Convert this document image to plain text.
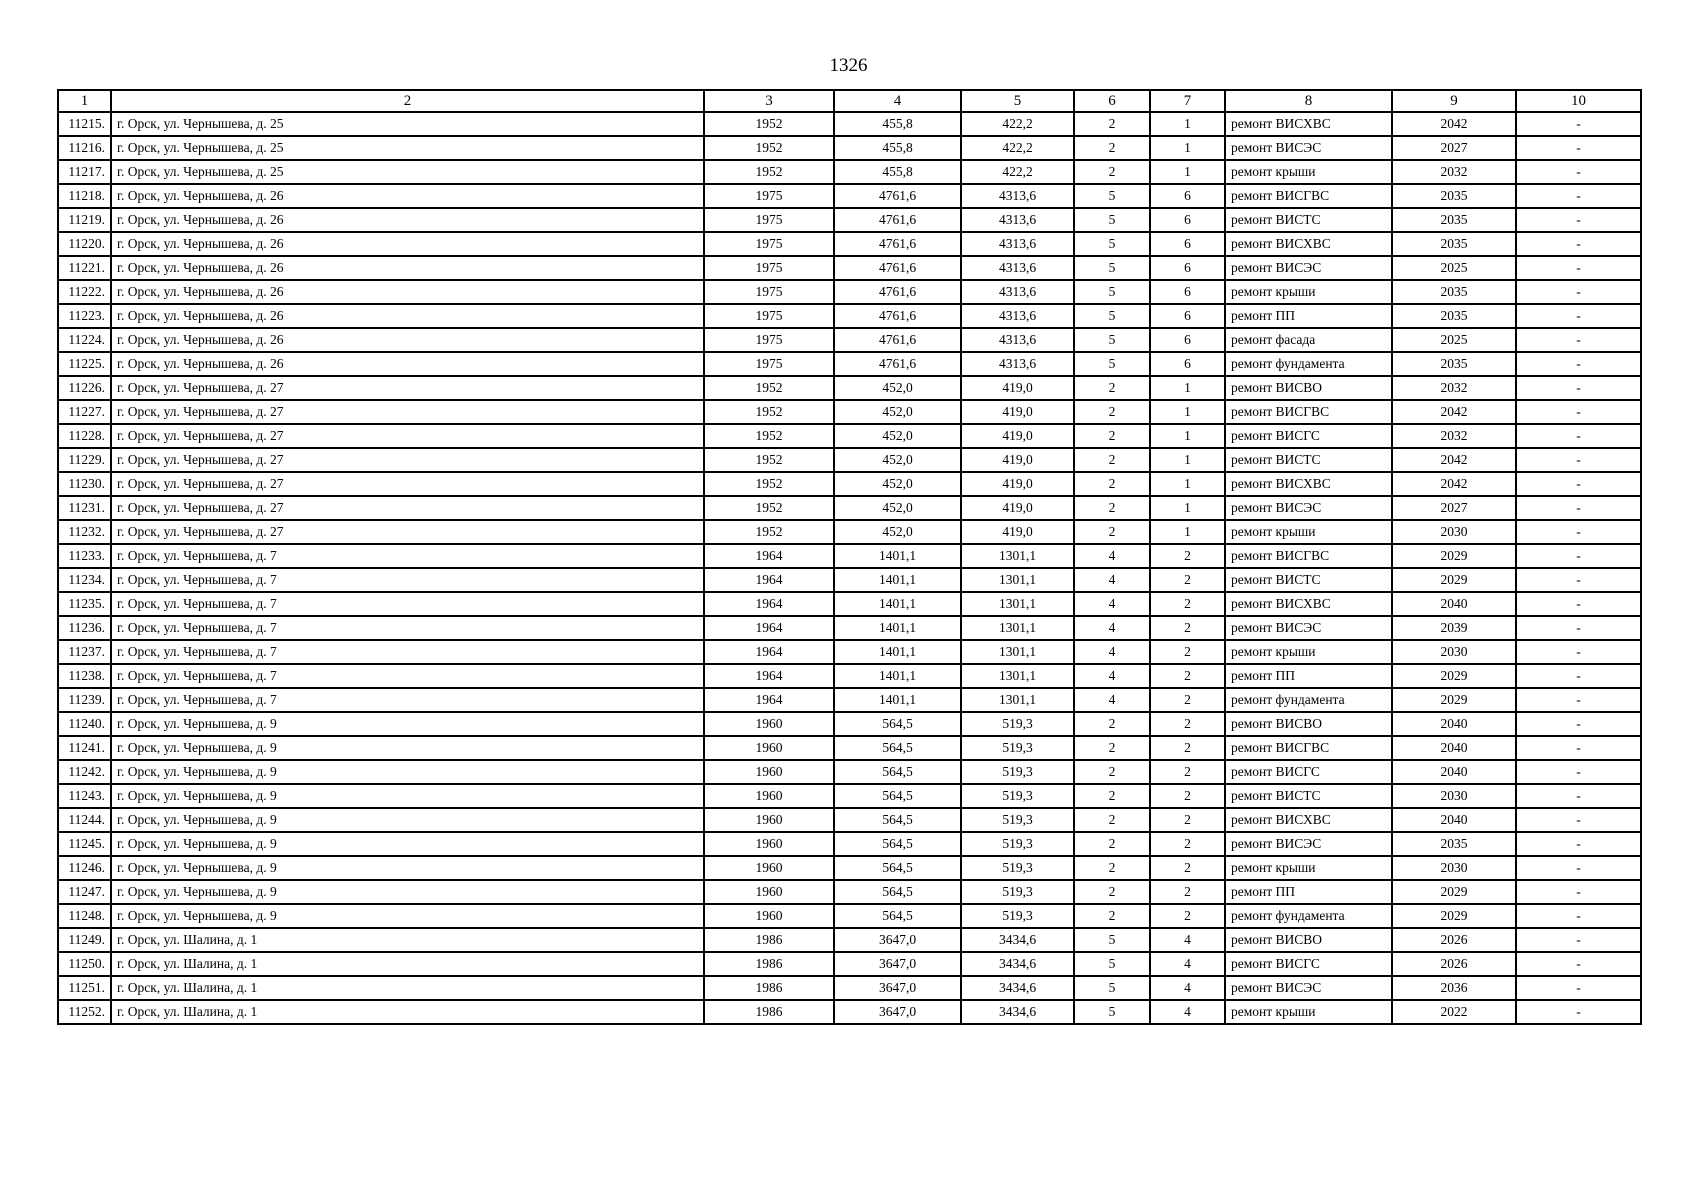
1326
1	2	3	4	5	6	7	8	9	10
11215.	г. Орск, ул. Чернышева, д. 25	1952	455,8	422,2	2	1	ремонт ВИСХВС	2042	-
11216.	г. Орск, ул. Чернышева, д. 25	1952	455,8	422,2	2	1	ремонт ВИСЭС	2027	-
11217.	г. Орск, ул. Чернышева, д. 25	1952	455,8	422,2	2	1	ремонт крыши	2032	-
11218.	г. Орск, ул. Чернышева, д. 26	1975	4761,6	4313,6	5	6	ремонт ВИСГВС	2035	-
11219.	г. Орск, ул. Чернышева, д. 26	1975	4761,6	4313,6	5	6	ремонт ВИСТС	2035	-
11220.	г. Орск, ул. Чернышева, д. 26	1975	4761,6	4313,6	5	6	ремонт ВИСХВС	2035	-
11221.	г. Орск, ул. Чернышева, д. 26	1975	4761,6	4313,6	5	6	ремонт ВИСЭС	2025	-
11222.	г. Орск, ул. Чернышева, д. 26	1975	4761,6	4313,6	5	6	ремонт крыши	2035	-
11223.	г. Орск, ул. Чернышева, д. 26	1975	4761,6	4313,6	5	6	ремонт ПП	2035	-
11224.	г. Орск, ул. Чернышева, д. 26	1975	4761,6	4313,6	5	6	ремонт фасада	2025	-
11225.	г. Орск, ул. Чернышева, д. 26	1975	4761,6	4313,6	5	6	ремонт фундамента	2035	-
11226.	г. Орск, ул. Чернышева, д. 27	1952	452,0	419,0	2	1	ремонт ВИСВО	2032	-
11227.	г. Орск, ул. Чернышева, д. 27	1952	452,0	419,0	2	1	ремонт ВИСГВС	2042	-
11228.	г. Орск, ул. Чернышева, д. 27	1952	452,0	419,0	2	1	ремонт ВИСГС	2032	-
11229.	г. Орск, ул. Чернышева, д. 27	1952	452,0	419,0	2	1	ремонт ВИСТС	2042	-
11230.	г. Орск, ул. Чернышева, д. 27	1952	452,0	419,0	2	1	ремонт ВИСХВС	2042	-
11231.	г. Орск, ул. Чернышева, д. 27	1952	452,0	419,0	2	1	ремонт ВИСЭС	2027	-
11232.	г. Орск, ул. Чернышева, д. 27	1952	452,0	419,0	2	1	ремонт крыши	2030	-
11233.	г. Орск, ул. Чернышева, д. 7	1964	1401,1	1301,1	4	2	ремонт ВИСГВС	2029	-
11234.	г. Орск, ул. Чернышева, д. 7	1964	1401,1	1301,1	4	2	ремонт ВИСТС	2029	-
11235.	г. Орск, ул. Чернышева, д. 7	1964	1401,1	1301,1	4	2	ремонт ВИСХВС	2040	-
11236.	г. Орск, ул. Чернышева, д. 7	1964	1401,1	1301,1	4	2	ремонт ВИСЭС	2039	-
11237.	г. Орск, ул. Чернышева, д. 7	1964	1401,1	1301,1	4	2	ремонт крыши	2030	-
11238.	г. Орск, ул. Чернышева, д. 7	1964	1401,1	1301,1	4	2	ремонт ПП	2029	-
11239.	г. Орск, ул. Чернышева, д. 7	1964	1401,1	1301,1	4	2	ремонт фундамента	2029	-
11240.	г. Орск, ул. Чернышева, д. 9	1960	564,5	519,3	2	2	ремонт ВИСВО	2040	-
11241.	г. Орск, ул. Чернышева, д. 9	1960	564,5	519,3	2	2	ремонт ВИСГВС	2040	-
11242.	г. Орск, ул. Чернышева, д. 9	1960	564,5	519,3	2	2	ремонт ВИСГС	2040	-
11243.	г. Орск, ул. Чернышева, д. 9	1960	564,5	519,3	2	2	ремонт ВИСТС	2030	-
11244.	г. Орск, ул. Чернышева, д. 9	1960	564,5	519,3	2	2	ремонт ВИСХВС	2040	-
11245.	г. Орск, ул. Чернышева, д. 9	1960	564,5	519,3	2	2	ремонт ВИСЭС	2035	-
11246.	г. Орск, ул. Чернышева, д. 9	1960	564,5	519,3	2	2	ремонт крыши	2030	-
11247.	г. Орск, ул. Чернышева, д. 9	1960	564,5	519,3	2	2	ремонт ПП	2029	-
11248.	г. Орск, ул. Чернышева, д. 9	1960	564,5	519,3	2	2	ремонт фундамента	2029	-
11249.	г. Орск, ул. Шалина, д. 1	1986	3647,0	3434,6	5	4	ремонт ВИСВО	2026	-
11250.	г. Орск, ул. Шалина, д. 1	1986	3647,0	3434,6	5	4	ремонт ВИСГС	2026	-
11251.	г. Орск, ул. Шалина, д. 1	1986	3647,0	3434,6	5	4	ремонт ВИСЭС	2036	-
11252.	г. Орск, ул. Шалина, д. 1	1986	3647,0	3434,6	5	4	ремонт крыши	2022	-
